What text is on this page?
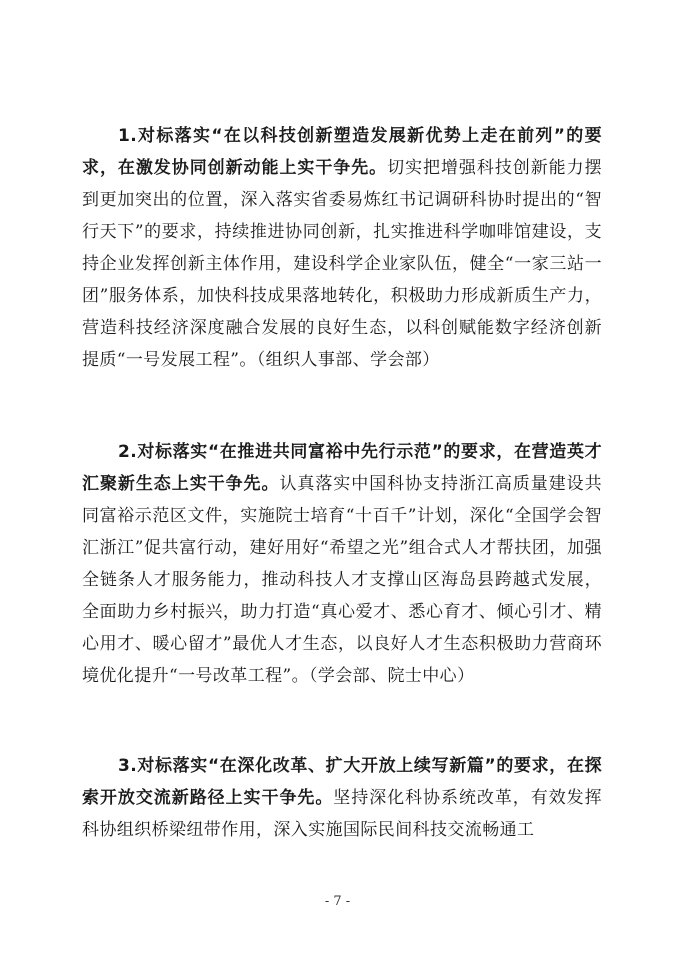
1.对标落实“在以科技创新塑造发展新优势上走在前列”的要求，在激发协同创新动能上实干争先。切实把增强科技创新能力摆到更加突出的位置，深入落实省委易炼红书记调研科协时提出的“智行天下”的要求，持续推进协同创新，扎实推进科学咖啡馆建设，支持企业发挥创新主体作用，建设科学企业家队伍，健全“一家三站一团”服务体系，加快科技成果落地转化，积极助力形成新质生产力，营造科技经济深度融合发展的良好生态，以科创赋能数字经济创新提质“一号发展工程”。（组织人事部、学会部）
2.对标落实“在推进共同富裕中先行示范”的要求，在营造英才汇聚新生态上实干争先。认真落实中国科协支持浙江高质量建设共同富裕示范区文件，实施院士培育“十百千”计划，深化“全国学会智汇浙江”促共富行动，建好用好“希望之光”组合式人才帮扶团，加强全链条人才服务能力，推动科技人才支撑山区海岛县跨越式发展，全面助力乡村振兴，助力打造“真心爱才、悉心育才、倾心引才、精心用才、暖心留才”最优人才生态，以良好人才生态积极助力营商环境优化提升“一号改革工程”。（学会部、院士中心）
3.对标落实“在深化改革、扩大开放上续写新篇”的要求，在探索开放交流新路径上实干争先。坚持深化科协系统改革，有效发挥科协组织桥梁纽带作用，深入实施国际民间科技交流畅通工
- 7 -
